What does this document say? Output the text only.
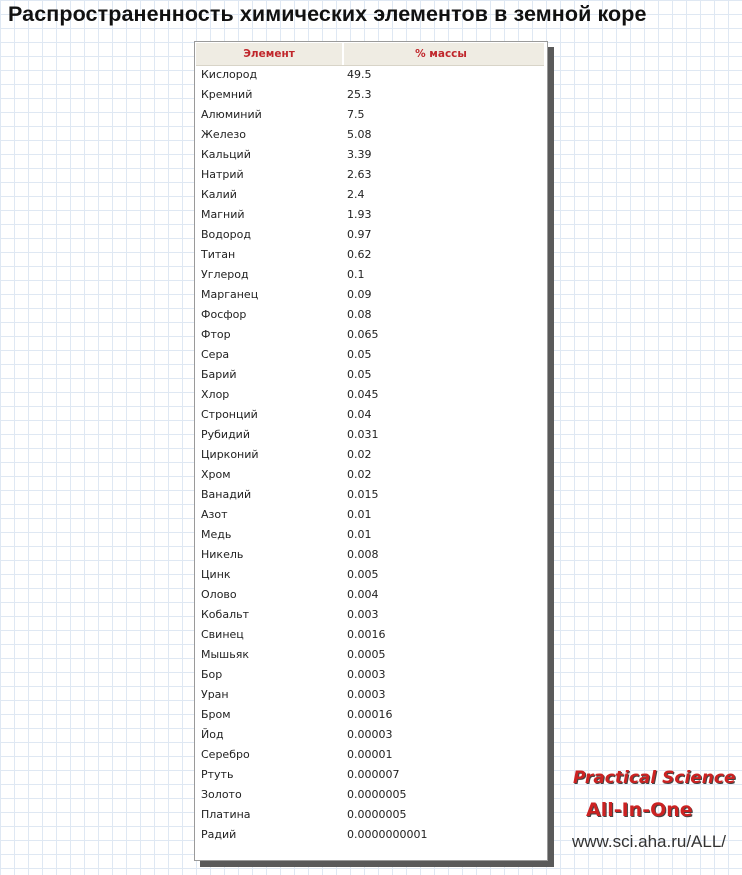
Распространенность химических элементов в земной коре
Элемент	% массы
Кислород	49.5
Кремний	25.3
Алюминий	7.5
Железо	5.08
Кальций	3.39
Натрий	2.63
Калий	2.4
Магний	1.93
Водород	0.97
Титан	0.62
Углерод	0.1
Марганец	0.09
Фосфор	0.08
Фтор	0.065
Сера	0.05
Барий	0.05
Хлор	0.045
Стронций	0.04
Рубидий	0.031
Цирконий	0.02
Хром	0.02
Ванадий	0.015
Азот	0.01
Медь	0.01
Никель	0.008
Цинк	0.005
Олово	0.004
Кобальт	0.003
Свинец	0.0016
Мышьяк	0.0005
Бор	0.0003
Уран	0.0003
Бром	0.00016
Йод	0.00003
Серебро	0.00001
Ртуть	0.000007
Золото	0.0000005
Платина	0.0000005
Радий	0.0000000001
Practical Science
All-In-One
www.sci.aha.ru/ALL/
